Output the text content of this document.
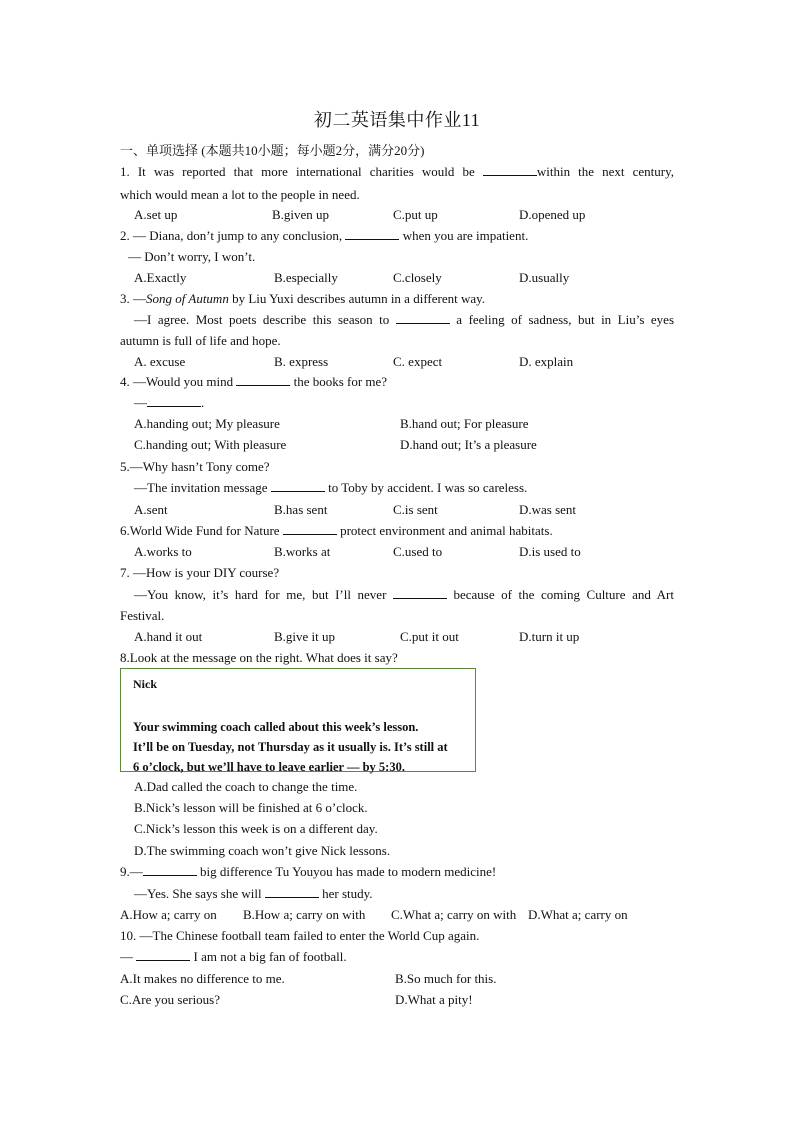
初二英语集中作业11
一、单项选择 (本题共10小题；每小题2分，满分20分)
1. It was reported that more international charities would be	within the next century,
which would mean a lot to the people in need.
A.set up	B.given up	C.put up	D.opened up
2. — Diana, don’t jump to any conclusion,	when you are impatient.
— Don’t worry, I won’t.
A.Exactly	B.especially	C.closely	D.usually
3. —Song of Autumn by Liu Yuxi describes autumn in a different way.
—I agree. Most poets describe this season to	a feeling of sadness, but in Liu’s eyes
autumn is full of life and hope.
A. excuse	B. express	C. expect	D. explain
4. —Would you mind	the books for me?
—	.
A.handing out; My pleasure	B.hand out; For pleasure
C.handing out; With pleasure	D.hand out; It’s a pleasure
5.—Why hasn’t Tony come?
—The invitation message	to Toby by accident. I was so careless.
A.sent	B.has sent	C.is sent	D.was sent
6.World Wide Fund for Nature	protect environment and animal habitats.
A.works to	B.works at	C.used to	D.is used to
7. —How is your DIY course?
—You know, it’s hard for me, but I’ll never	because of the coming Culture and Art
Festival.
A.hand it out	B.give it up	C.put it out	D.turn it up
8.Look at the message on the right. What does it say?
Nick
Your swimming coach called about this week’s lesson.
It’ll be on Tuesday, not Thursday as it usually is. It’s still at
6 o’clock, but we’ll have to leave earlier — by 5:30.
A.Dad called the coach to change the time.
B.Nick’s lesson will be finished at 6 o’clock.
C.Nick’s lesson this week is on a different day.
D.The swimming coach won’t give Nick lessons.
9.—	big difference Tu Youyou has made to modern medicine!
—Yes. She says she will	her study.
A.How a; carry on B.How a; carry on with C.What a; carry on with D.What a; carry on
10. —The Chinese football team failed to enter the World Cup again.
—	I am not a big fan of football.
A.It makes no difference to me.	B.So much for this.
C.Are you serious?	D.What a pity!
